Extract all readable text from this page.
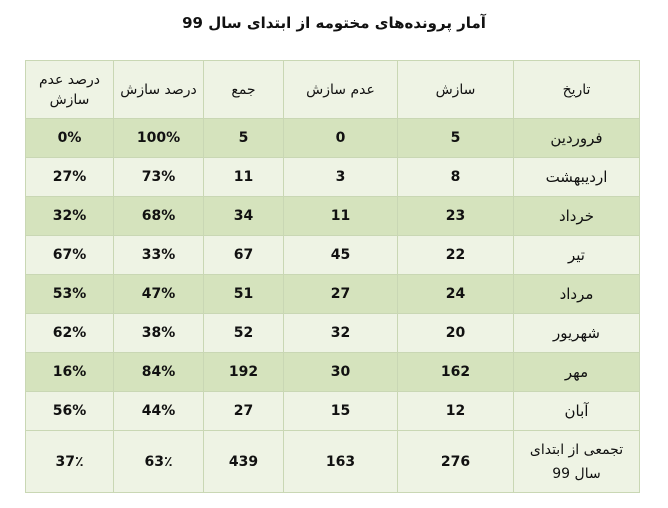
آمار پرونده‌های مختومه از ابتدای سال 99
تاریخ	سازش	عدم سازش	جمع	درصد سازش	درصد عدم سازش
فروردین	5	0	5	100%	0%
اردیبهشت	8	3	11	73%	27%
خرداد	23	11	34	68%	32%
تیر	22	45	67	33%	67%
مرداد	24	27	51	47%	53%
شهریور	20	32	52	38%	62%
مهر	162	30	192	84%	16%
آبان	12	15	27	44%	56%

تجمعی از ابتدای
سال 99	276	163	439	63٪	37٪
